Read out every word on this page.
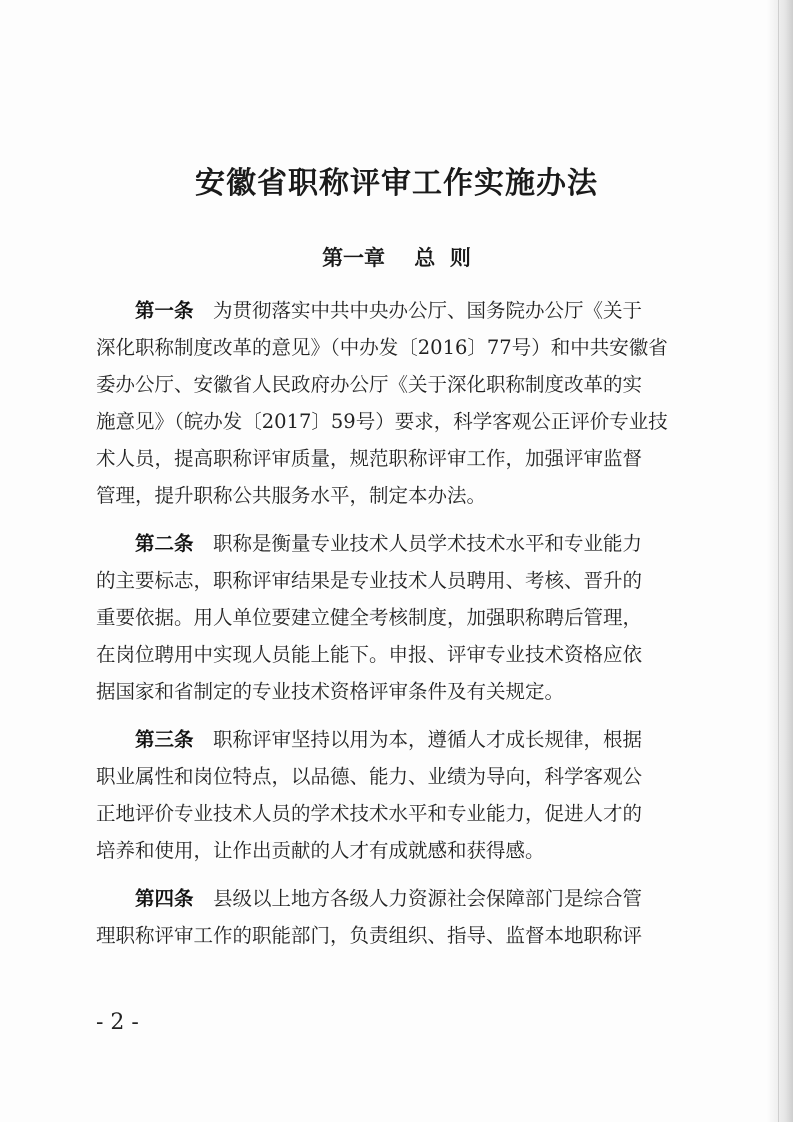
安徽省职称评审工作实施办法
第一章    总  则
第一条　 为贯彻落实中共中央办公厅、国务院办公厅《关于
深化职称制度改革的意见》（中办发〔2016〕77号）和中共安徽省
委办公厅、安徽省人民政府办公厅《关于深化职称制度改革的实
施意见》（皖办发〔2017〕59号）要求，科学客观公正评价专业技
术人员，提高职称评审质量，规范职称评审工作，加强评审监督
管理，提升职称公共服务水平，制定本办法。
第二条　 职称是衡量专业技术人员学术技术水平和专业能力
的主要标志，职称评审结果是专业技术人员聘用、考核、晋升的
重要依据。用人单位要建立健全考核制度，加强职称聘后管理，
在岗位聘用中实现人员能上能下。申报、评审专业技术资格应依
据国家和省制定的专业技术资格评审条件及有关规定。
第三条　 职称评审坚持以用为本，遵循人才成长规律，根据
职业属性和岗位特点，以品德、能力、业绩为导向，科学客观公
正地评价专业技术人员的学术技术水平和专业能力，促进人才的
培养和使用，让作出贡献的人才有成就感和获得感。
第四条　 县级以上地方各级人力资源社会保障部门是综合管
理职称评审工作的职能部门，负责组织、指导、监督本地职称评

- 2 -
